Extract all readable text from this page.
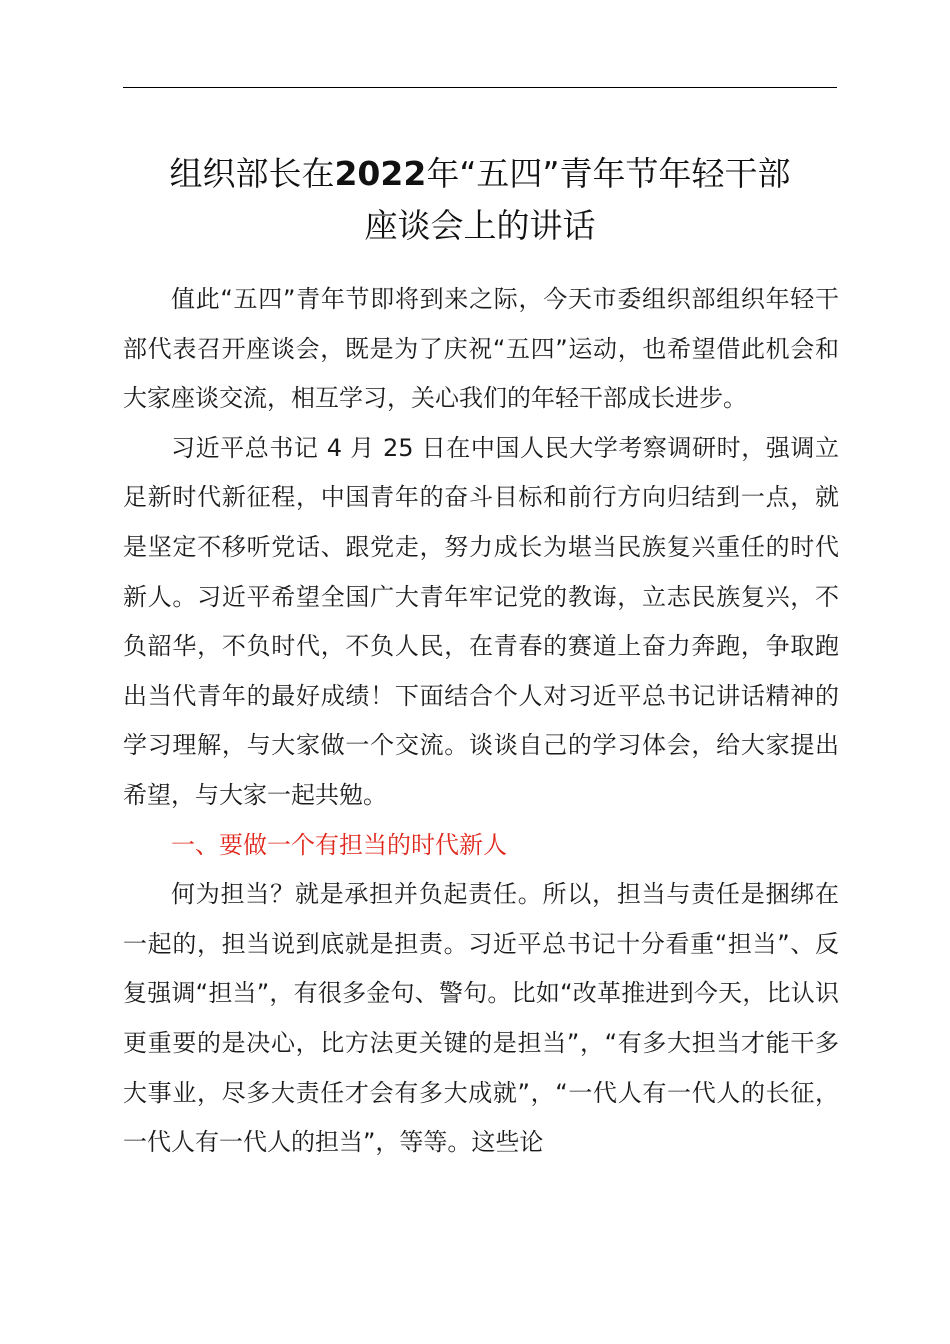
组织部长在2022年“五四”青年节年轻干部
座谈会上的讲话

值此“五四”青年节即将到来之际，今天市委组织部组织年轻干部代表召开座谈会，既是为了庆祝“五四”运动，也希望借此机会和大家座谈交流，相互学习，关心我们的年轻干部成长进步。

习近平总书记 4 月 25 日在中国人民大学考察调研时，强调立足新时代新征程，中国青年的奋斗目标和前行方向归结到一点，就是坚定不移听党话、跟党走，努力成长为堪当民族复兴重任的时代新人。习近平希望全国广大青年牢记党的教诲，立志民族复兴，不负韶华，不负时代，不负人民，在青春的赛道上奋力奔跑，争取跑出当代青年的最好成绩！下面结合个人对习近平总书记讲话精神的学习理解，与大家做一个交流。谈谈自己的学习体会，给大家提出希望，与大家一起共勉。

一、要做一个有担当的时代新人

何为担当？就是承担并负起责任。所以，担当与责任是捆绑在一起的，担当说到底就是担责。习近平总书记十分看重“担当”、反复强调“担当”，有很多金句、警句。比如“改革推进到今天，比认识更重要的是决心，比方法更关键的是担当”，“有多大担当才能干多大事业，尽多大责任才会有多大成就”，“一代人有一代人的长征，一代人有一代人的担当”，等等。这些论
